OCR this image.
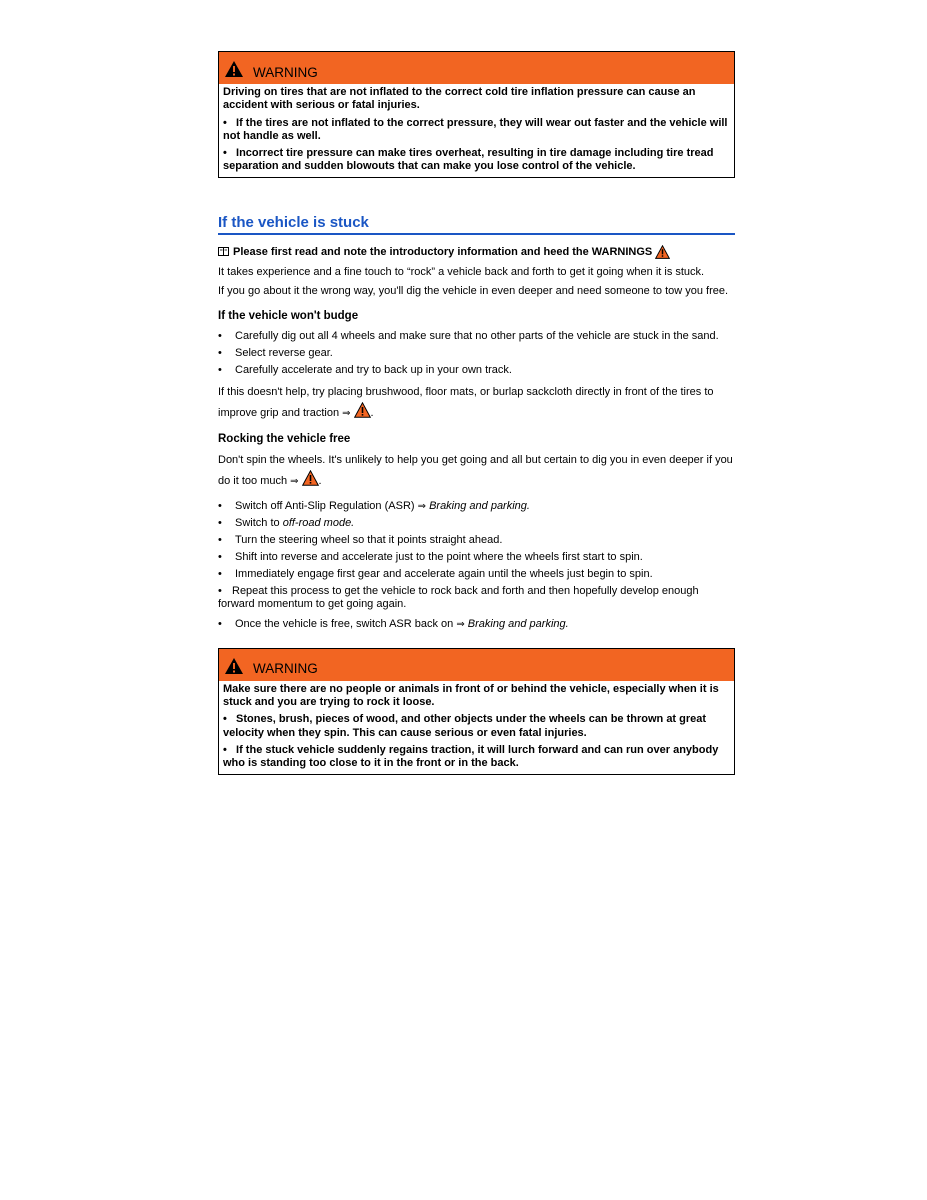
WARNING

Driving on tires that are not inflated to the correct cold tire inflation pressure can cause an accident with serious or fatal injuries.

• If the tires are not inflated to the correct pressure, they will wear out faster and the vehicle will not handle as well.

• Incorrect tire pressure can make tires overheat, resulting in tire damage including tire tread separation and sudden blowouts that can make you lose control of the vehicle.

If the vehicle is stuck
Please first read and note the introductory information and heed the WARNINGS

It takes experience and a fine touch to “rock” a vehicle back and forth to get it going when it is stuck.

If you go about it the wrong way, you'll dig the vehicle in even deeper and need someone to tow you free.

If the vehicle won't budge

• Carefully dig out all 4 wheels and make sure that no other parts of the vehicle are stuck in the sand.

• Select reverse gear.

• Carefully accelerate and try to back up in your own track.

If this doesn't help, try placing brushwood, floor mats, or burlap sackcloth directly in front of the tires to improve grip and traction ⇒ .

Rocking the vehicle free

Don't spin the wheels. It's unlikely to help you get going and all but certain to dig you in even deeper if you do it too much ⇒ .

• Switch off Anti-Slip Regulation (ASR) ⇒ Braking and parking.

• Switch to off-road mode.

• Turn the steering wheel so that it points straight ahead.

• Shift into reverse and accelerate just to the point where the wheels first start to spin.

• Immediately engage first gear and accelerate again until the wheels just begin to spin.

• Repeat this process to get the vehicle to rock back and forth and then hopefully develop enough forward momentum to get going again.

• Once the vehicle is free, switch ASR back on ⇒ Braking and parking.

WARNING

Make sure there are no people or animals in front of or behind the vehicle, especially when it is stuck and you are trying to rock it loose.

• Stones, brush, pieces of wood, and other objects under the wheels can be thrown at great velocity when they spin. This can cause serious or even fatal injuries.

• If the stuck vehicle suddenly regains traction, it will lurch forward and can run over anybody who is standing too close to it in the front or in the back.
